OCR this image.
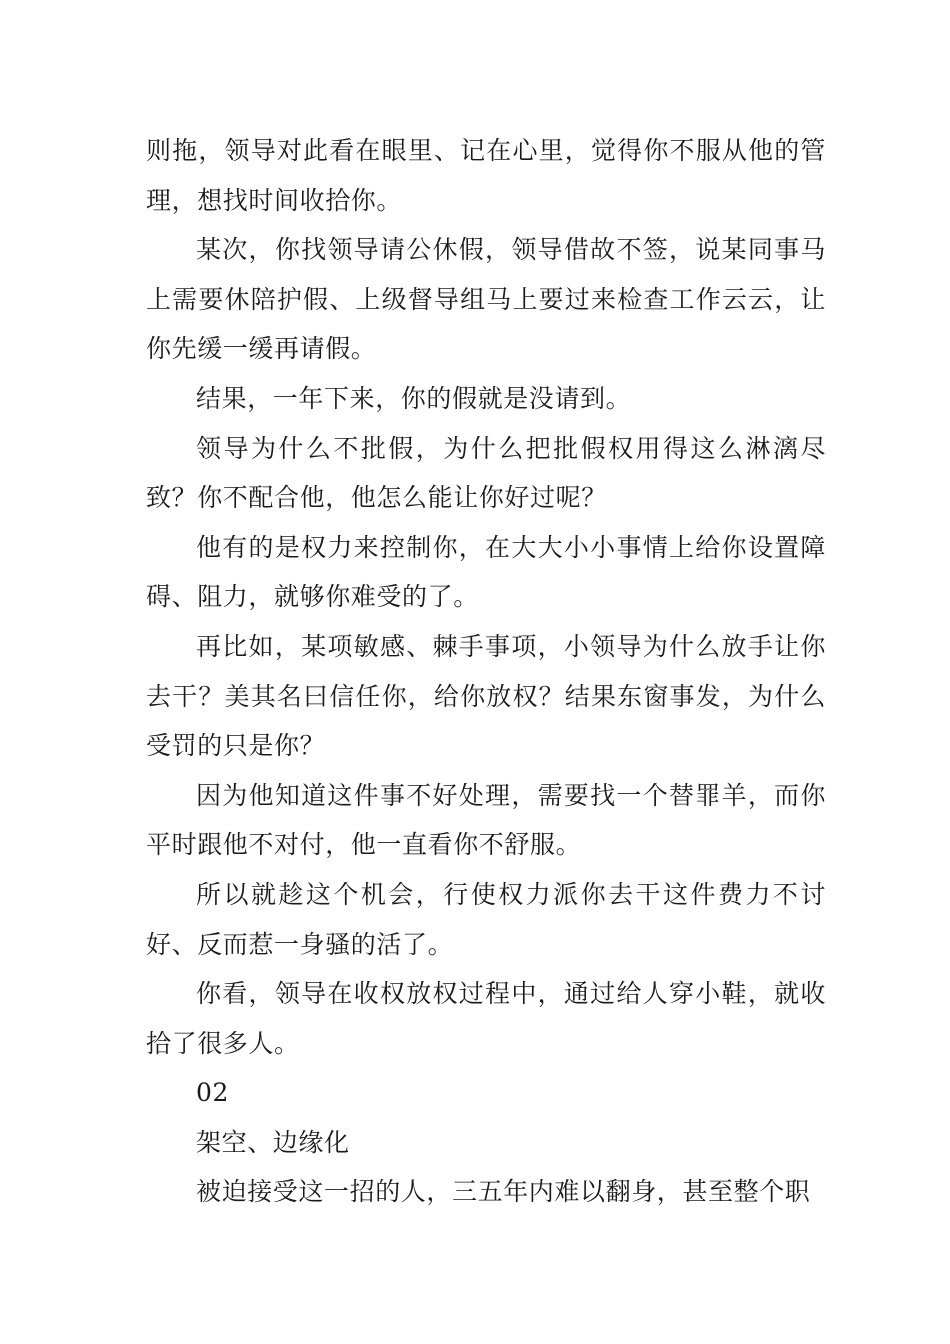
则拖，领导对此看在眼里、记在心里，觉得你不服从他的管理，想找时间收拾你。

某次，你找领导请公休假，领导借故不签，说某同事马上需要休陪护假、上级督导组马上要过来检查工作云云，让你先缓一缓再请假。

结果，一年下来，你的假就是没请到。

领导为什么不批假，为什么把批假权用得这么淋漓尽致？你不配合他，他怎么能让你好过呢？

他有的是权力来控制你，在大大小小事情上给你设置障碍、阻力，就够你难受的了。

再比如，某项敏感、棘手事项，小领导为什么放手让你去干？美其名曰信任你，给你放权？结果东窗事发，为什么受罚的只是你？

因为他知道这件事不好处理，需要找一个替罪羊，而你平时跟他不对付，他一直看你不舒服。

所以就趁这个机会，行使权力派你去干这件费力不讨好、反而惹一身骚的活了。

你看，领导在收权放权过程中，通过给人穿小鞋，就收拾了很多人。

02

架空、边缘化

被迫接受这一招的人，三五年内难以翻身，甚至整个职
